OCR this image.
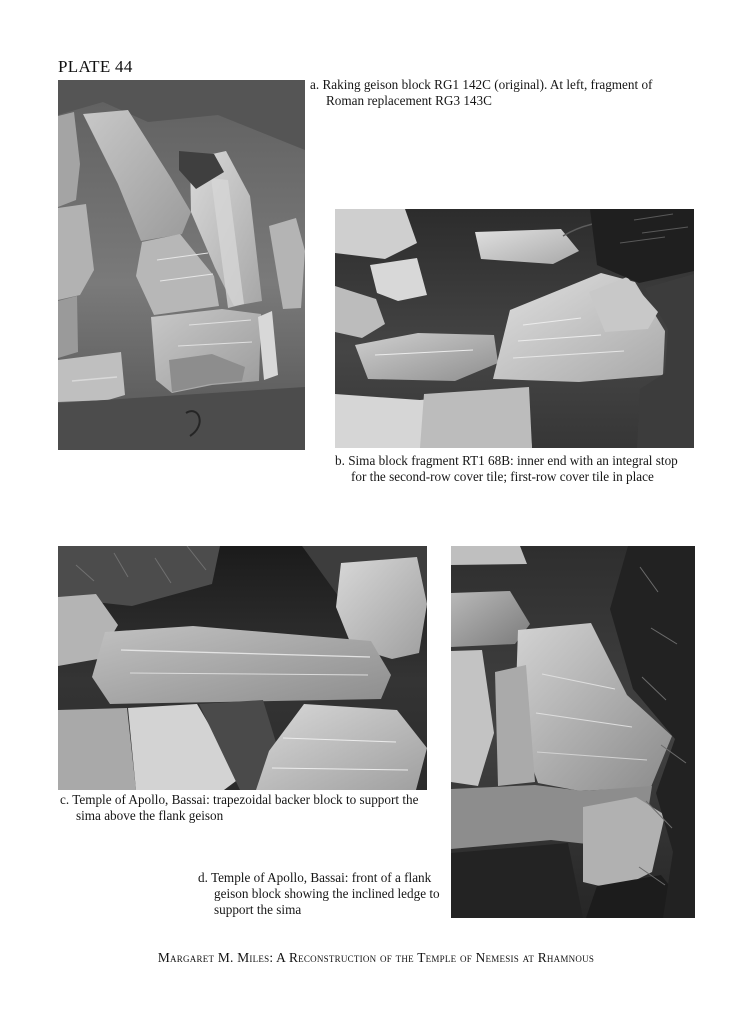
PLATE 44
a. Raking geison block RG1 142C (original). At left, fragment of Roman replacement RG3 143C
b. Sima block fragment RT1 68B: inner end with an integral stop for the second-row cover tile; first-row cover tile in place
c. Temple of Apollo, Bassai: trapezoidal backer block to support the sima above the flank geison
d. Temple of Apollo, Bassai: front of a flank geison block showing the inclined ledge to support the sima
Margaret M. Miles: A Reconstruction of the Temple of Nemesis at Rhamnous
